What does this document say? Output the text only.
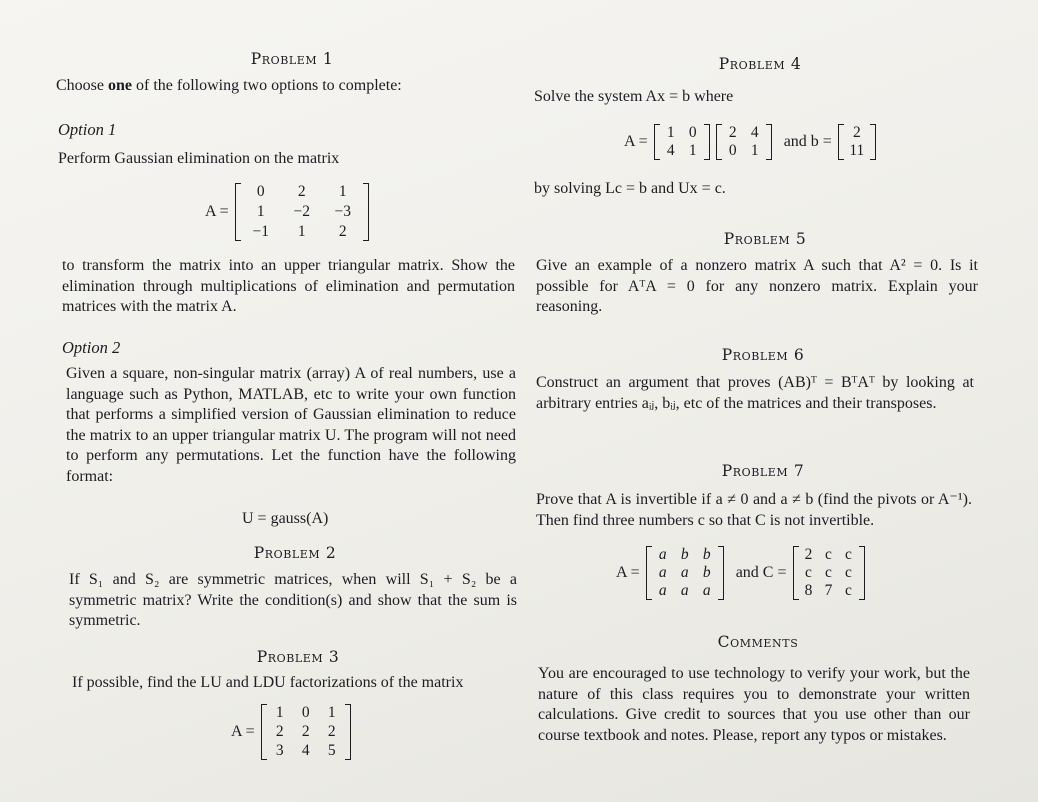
Problem 1
Choose one of the following two options to complete:
Option 1
Perform Gaussian elimination on the matrix
A =
0	2	1
1	−2	−3
−1	1	2
to transform the matrix into an upper triangular matrix. Show the elimination through multiplications of elimination and permutation matrices with the matrix A.
Option 2
Given a square, non-singular matrix (array) A of real numbers, use a language such as Python, MATLAB, etc to write your own function that performs a simplified version of Gaussian elimination to reduce the matrix to an upper triangular matrix U. The program will not need to perform any permutations. Let the function have the following format:
U = gauss(A)
Problem 2
If S₁ and S₂ are symmetric matrices, when will S₁ + S₂ be a symmetric matrix? Write the condition(s) and show that the sum is symmetric.
Problem 3
If possible, find the LU and LDU factorizations of the matrix
A =
1	0	1
2	2	2
3	4	5
Problem 4
Solve the system Ax = b where
A =
1 0
4 1
2 4
0 1
and b =
2
11
by solving Lc = b and Ux = c.
Problem 5
Give an example of a nonzero matrix A such that A² = 0. Is it possible for AᵀA = 0 for any nonzero matrix. Explain your reasoning.
Problem 6
Construct an argument that proves (AB)ᵀ = BᵀAᵀ by looking at arbitrary entries aᵢⱼ, bᵢⱼ, etc of the matrices and their transposes.
Problem 7
Prove that A is invertible if a ≠ 0 and a ≠ b (find the pivots or A⁻¹). Then find three numbers c so that C is not invertible.
A =
a b b
a a b
a a a
and C =
2 c c
c c c
8 7 c
Comments
You are encouraged to use technology to verify your work, but the nature of this class requires you to demonstrate your written calculations. Give credit to sources that you use other than our course textbook and notes. Please, report any typos or mistakes.
